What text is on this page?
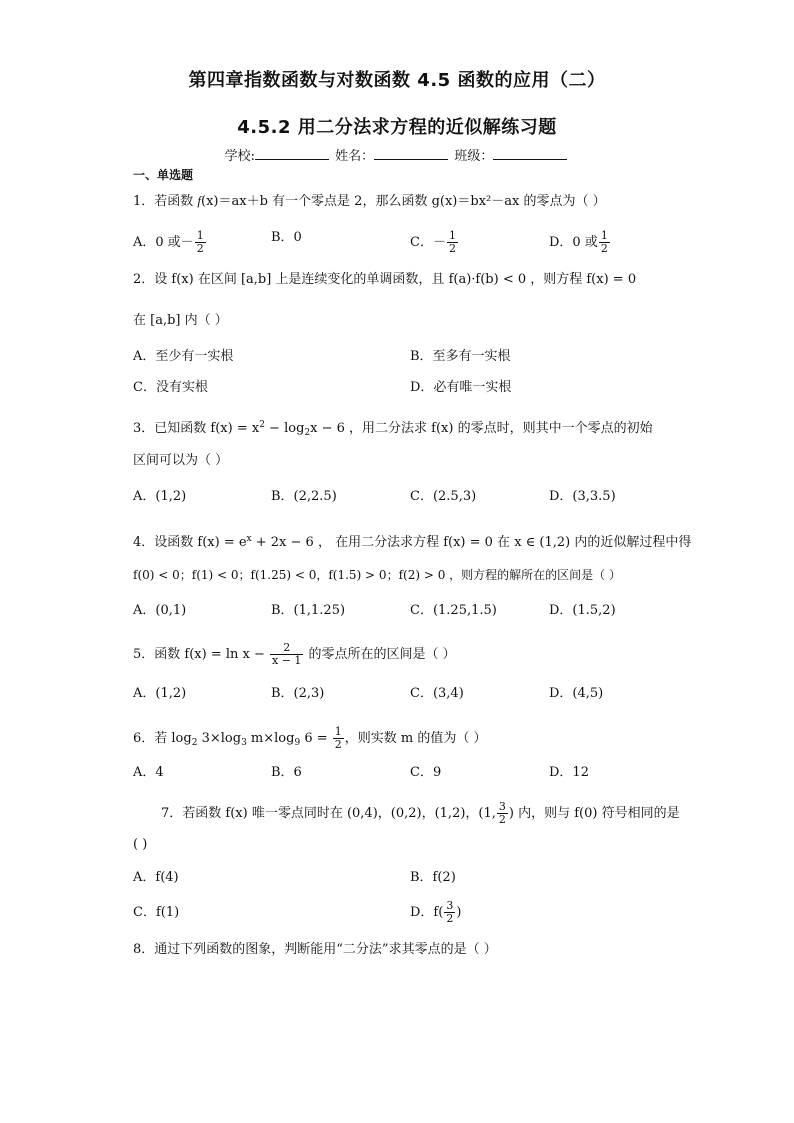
第四章指数函数与对数函数 4.5 函数的应用（二）
4.5.2 用二分法求方程的近似解练习题
学校:	姓名：	班级：
一、单选题
1．若函数 f(x)＝ax＋b 有一个零点是 2，那么函数 g(x)＝bx²－ax 的零点为（ ）
A．0 或－ $\frac{1}{2}$	B．0	C．－ $\frac{1}{2}$	D．0 或 $\frac{1}{2}$
2．设 f(x) 在区间 [a,b] 上是连续变化的单调函数，且 f(a)·f(b) < 0 ，则方程 f(x) = 0
在 [a,b] 内（ ）
A．至少有一实根	B．至多有一实根
C．没有实根	D．必有唯一实根
3．已知函数 $f(x) = x^2 - \log_2x - 6$ ，用二分法求 f(x) 的零点时，则其中一个零点的初始
区间可以为（ ）
A．(1,2)	B．(2,2.5)	C．(2.5,3)	D．(3,3.5)
4．设函数 $f(x) = e^x + 2x - 6$ ， 在用二分法求方程 f(x) = 0 在 x ∈ (1,2) 内的近似解过程中得
f(0) < 0；f(1) < 0；f(1.25) < 0，f(1.5) > 0；f(2) > 0 ，则方程的解所在的区间是（ ）
A．(0,1)	B．(1,1.25)	C．(1.25,1.5)	D．(1.5,2)
5．函数 $f(x) = \ln x - \frac{2}{x - 1}$ 的零点所在的区间是（ ）
A．(1,2)	B．(2,3)	C．(3,4)	D．(4,5)
6．若 $\log_2 3\times\log_3$ $m\times\log_9$ $6 = \frac{1}{2}$ ，则实数 m 的值为（ ）
A．4	B．6	C．9	D．12
7．若函数 f(x) 唯一零点同时在 (0,4)，(0,2)，(1,2)，(1, $\frac{3}{2}$ ) 内，则与 f(0) 符号相同的是
( )
A．f(4)	B．f(2)
C．f(1)	D．$f( \frac{3}{2}$ )
8．通过下列函数的图象，判断能用“二分法”求其零点的是（ ）
